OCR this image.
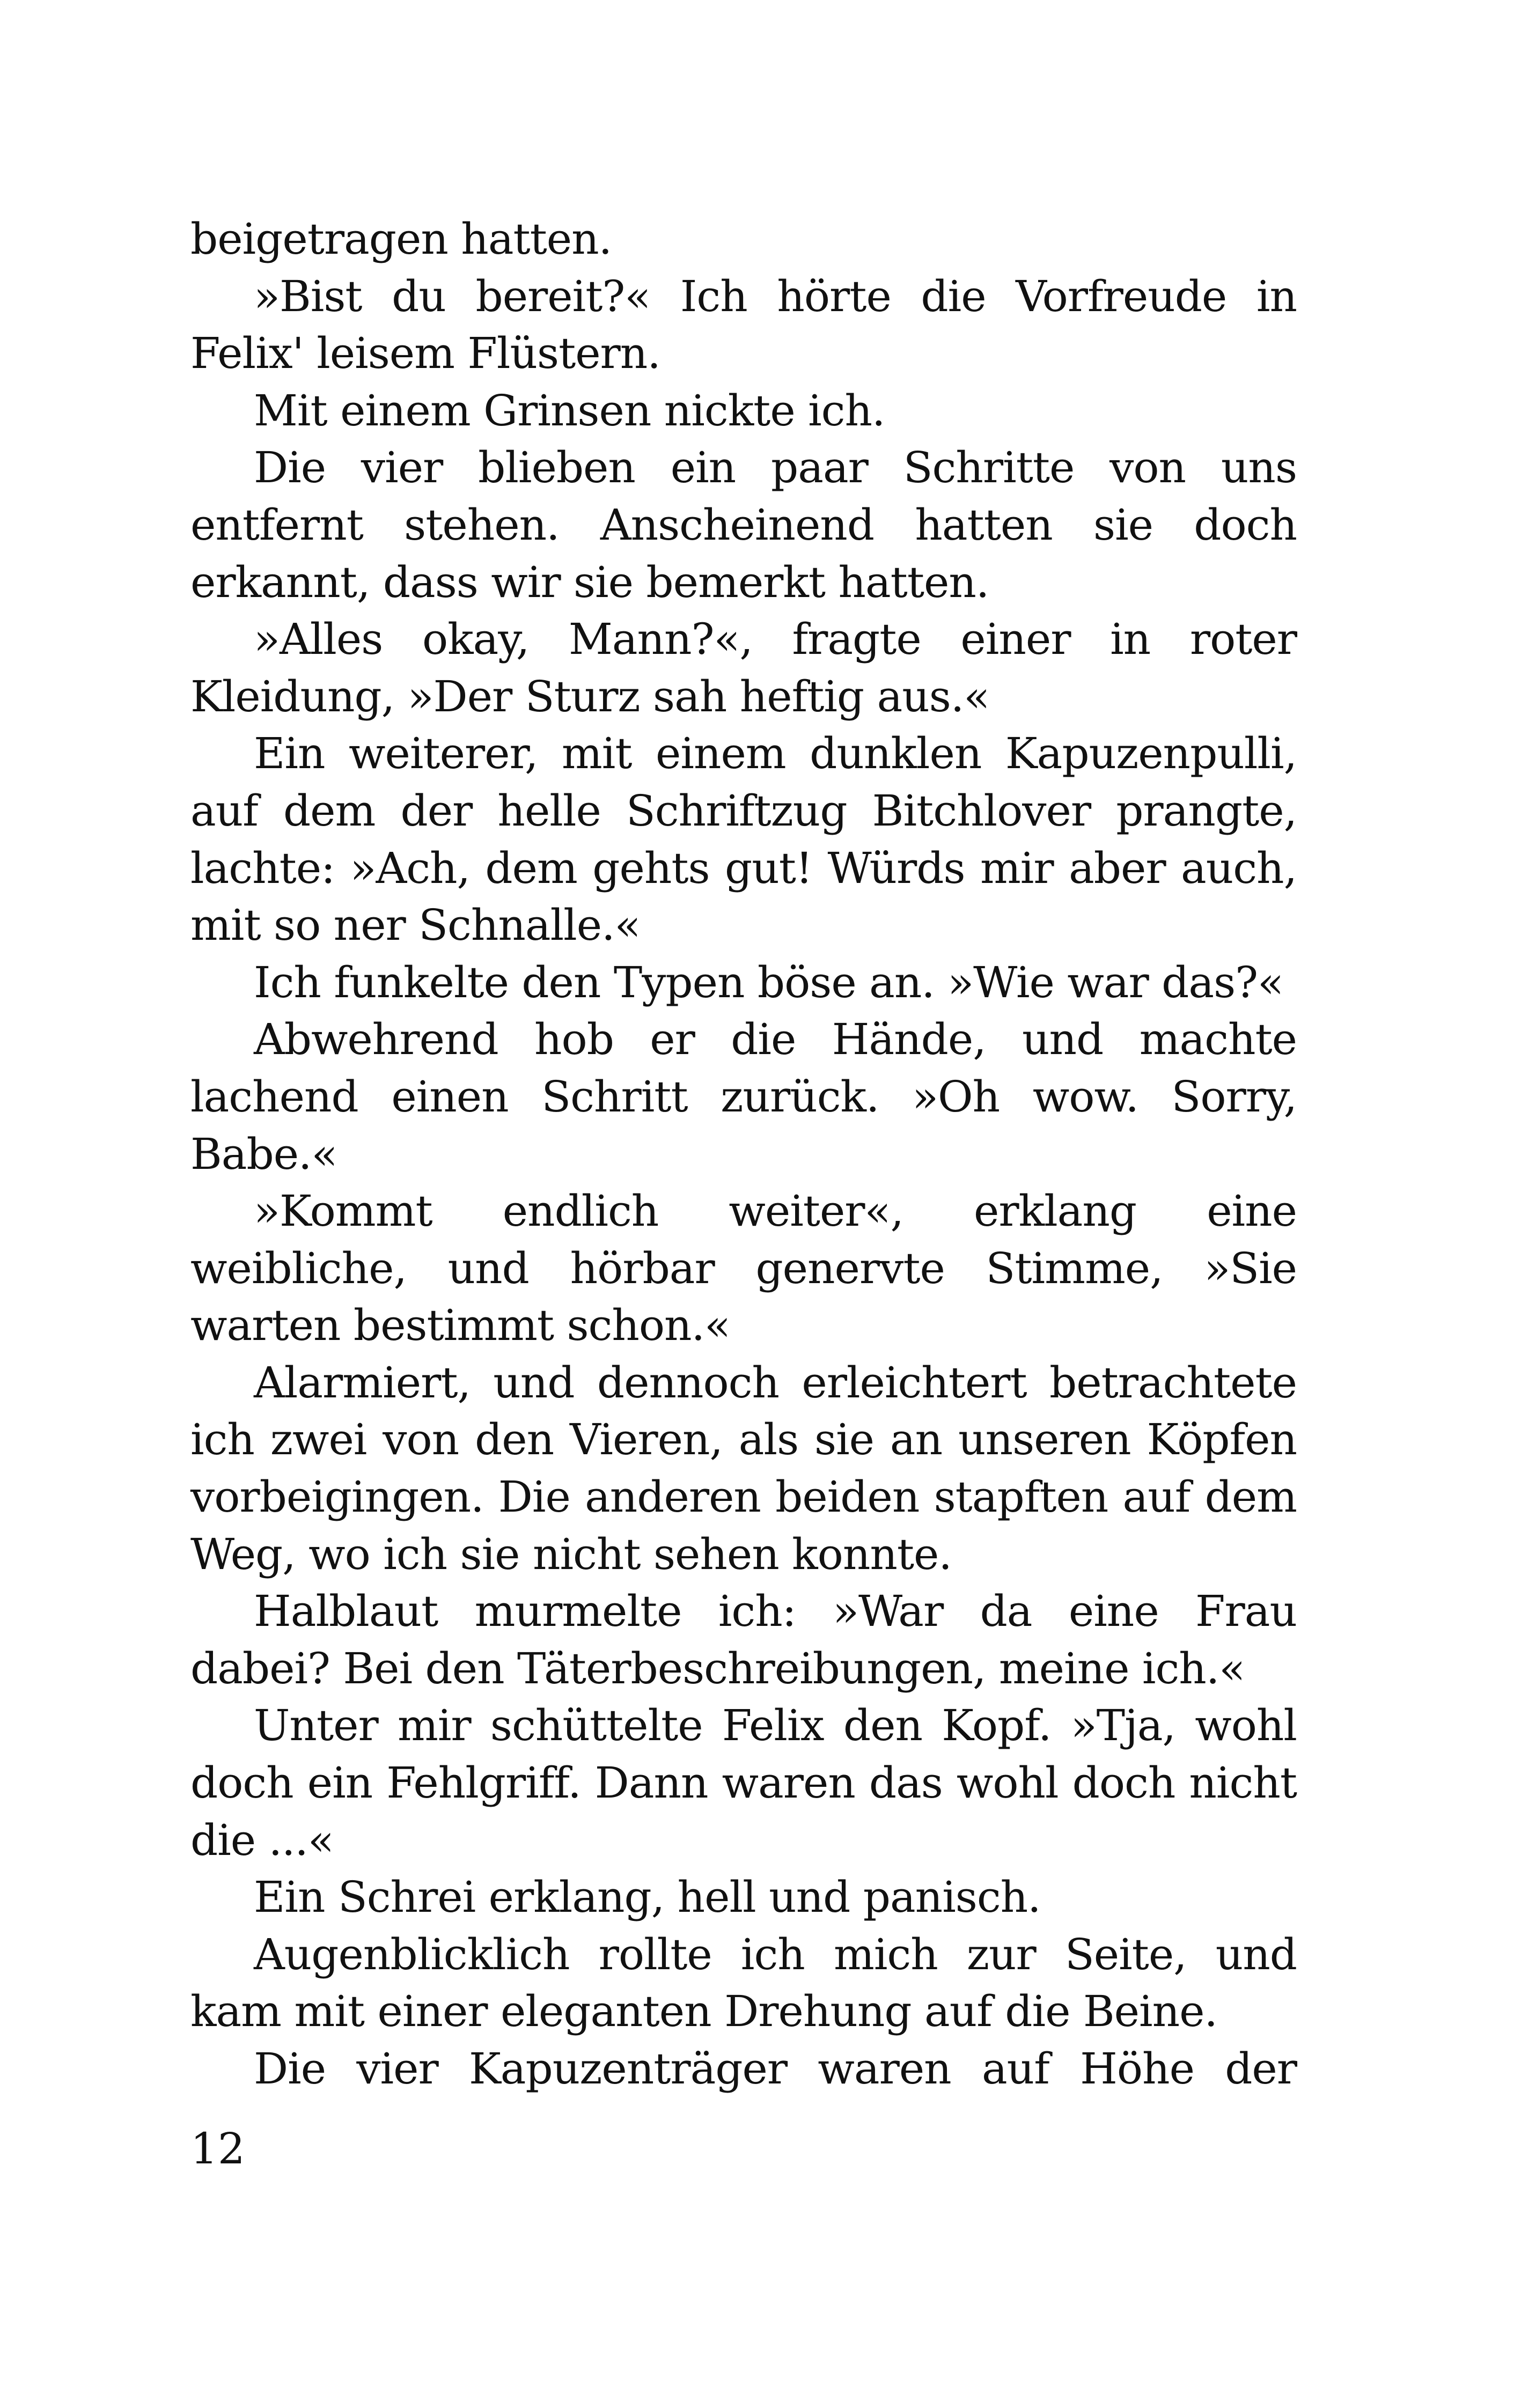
beigetragen hatten.

»Bist du bereit?« Ich hörte die Vorfreude in Felix' leisem Flüstern.

Mit einem Grinsen nickte ich.

Die vier blieben ein paar Schritte von uns entfernt stehen. Anscheinend hatten sie doch erkannt, dass wir sie bemerkt hatten.

»Alles okay, Mann?«, fragte einer in roter Kleidung, »Der Sturz sah heftig aus.«

Ein weiterer, mit einem dunklen Kapuzenpulli, auf dem der helle Schriftzug Bitchlover prangte, lachte: »Ach, dem gehts gut! Würds mir aber auch, mit so ner Schnalle.«

Ich funkelte den Typen böse an. »Wie war das?«

Abwehrend hob er die Hände, und machte lachend einen Schritt zurück. »Oh wow. Sorry, Babe.«

»Kommt endlich weiter«, erklang eine weibliche, und hörbar genervte Stimme, »Sie warten bestimmt schon.«

Alarmiert, und dennoch erleichtert betrachtete ich zwei von den Vieren, als sie an unseren Köpfen vorbeigingen. Die anderen beiden stapften auf dem Weg, wo ich sie nicht sehen konnte.

Halblaut murmelte ich: »War da eine Frau dabei? Bei den Täterbeschreibungen, meine ich.«

Unter mir schüttelte Felix den Kopf. »Tja, wohl doch ein Fehlgriff. Dann waren das wohl doch nicht die ...«

Ein Schrei erklang, hell und panisch.

Augenblicklich rollte ich mich zur Seite, und kam mit einer eleganten Drehung auf die Beine.

Die vier Kapuzenträger waren auf Höhe der

12
